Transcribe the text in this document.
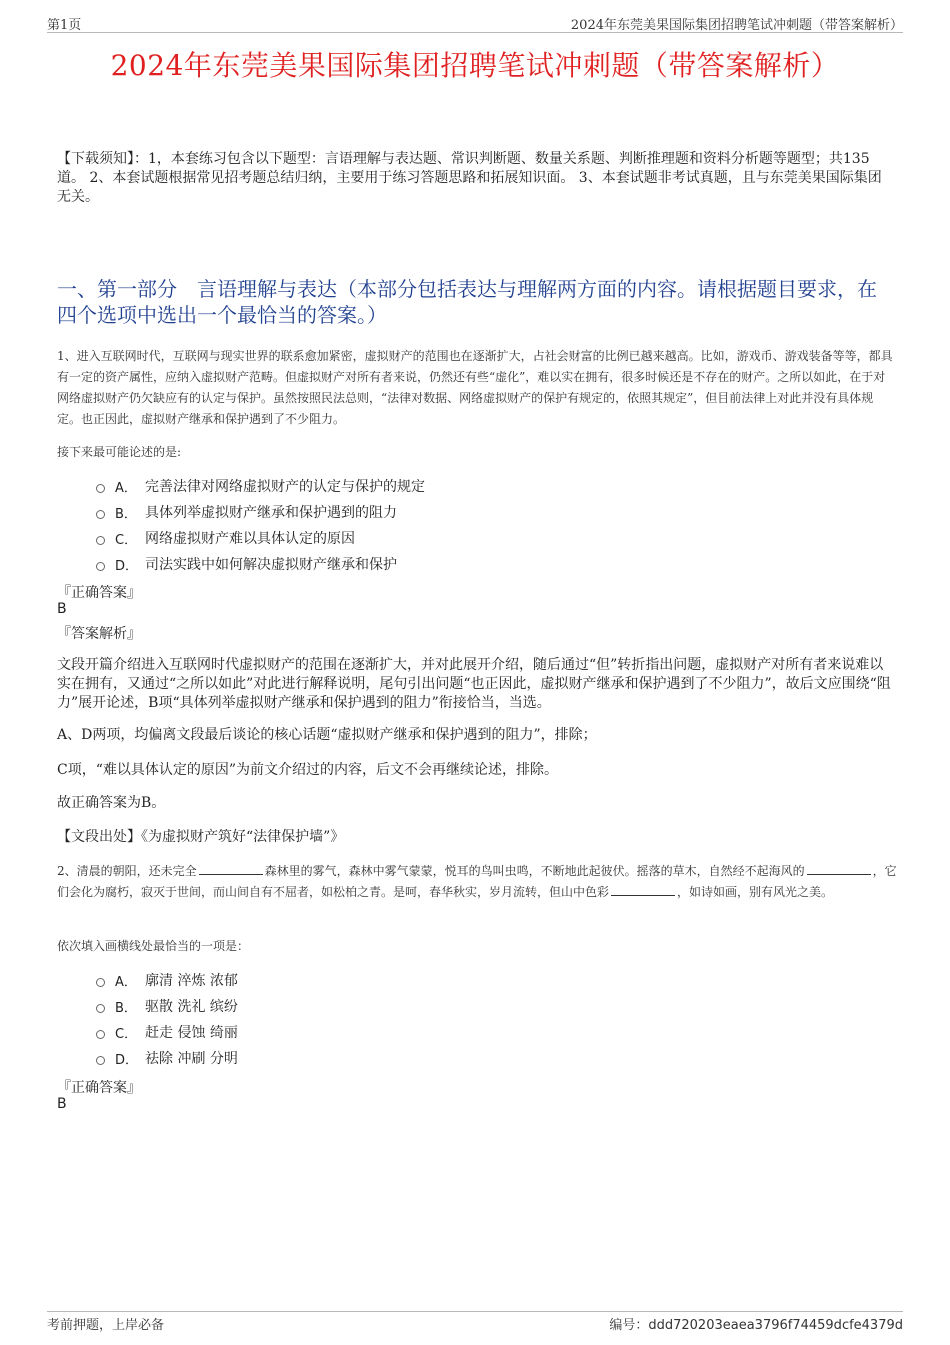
第1页	2024年东莞美果国际集团招聘笔试冲刺题（带答案解析）
2024年东莞美果国际集团招聘笔试冲刺题（带答案解析）
【下载须知】：1，本套练习包含以下题型：言语理解与表达题、常识判断题、数量关系题、判断推理题和资料分析题等题型；共135道。 2、本套试题根据常见招考题总结归纳，主要用于练习答题思路和拓展知识面。 3、本套试题非考试真题，且与东莞美果国际集团无关。
一、第一部分　言语理解与表达（本部分包括表达与理解两方面的内容。请根据题目要求，在四个选项中选出一个最恰当的答案。）
1、进入互联网时代，互联网与现实世界的联系愈加紧密，虚拟财产的范围也在逐渐扩大，占社会财富的比例已越来越高。比如，游戏币、游戏装备等等，都具有一定的资产属性，应纳入虚拟财产范畴。但虚拟财产对所有者来说，仍然还有些“虚化”，难以实在拥有，很多时候还是不存在的财产。之所以如此，在于对网络虚拟财产仍欠缺应有的认定与保护。虽然按照民法总则，“法律对数据、网络虚拟财产的保护有规定的，依照其规定”，但目前法律上对此并没有具体规定。也正因此，虚拟财产继承和保护遇到了不少阻力。
接下来最可能论述的是:
A． 完善法律对网络虚拟财产的认定与保护的规定
B． 具体列举虚拟财产继承和保护遇到的阻力
C． 网络虚拟财产难以具体认定的原因
D． 司法实践中如何解决虚拟财产继承和保护
『正确答案』
B
『答案解析』
文段开篇介绍进入互联网时代虚拟财产的范围在逐渐扩大，并对此展开介绍，随后通过“但”转折指出问题，虚拟财产对所有者来说难以实在拥有，又通过“之所以如此”对此进行解释说明，尾句引出问题“也正因此，虚拟财产继承和保护遇到了不少阻力”，故后文应围绕“阻力”展开论述，B项“具体列举虚拟财产继承和保护遇到的阻力”衔接恰当，当选。
A、D两项，均偏离文段最后谈论的核心话题“虚拟财产继承和保护遇到的阻力”，排除；
C项，“难以具体认定的原因”为前文介绍过的内容，后文不会再继续论述，排除。
故正确答案为B。
【文段出处】《为虚拟财产筑好“法律保护墙”》
2、清晨的朝阳，还未完全	森林里的雾气，森林中雾气蒙蒙，悦耳的鸟叫虫鸣，不断地此起彼伏。摇落的草木，自然经不起海风的	，它们会化为腐朽，寂灭于世间，而山间自有不屈者，如松柏之青。是呵，春华秋实，岁月流转，但山中色彩	，如诗如画，别有风光之美。
依次填入画横线处最恰当的一项是：
A． 廓清 淬炼 浓郁
B． 驱散 洗礼 缤纷
C． 赶走 侵蚀 绮丽
D． 祛除 冲刷 分明
『正确答案』
B
考前押题，上岸必备	编号：ddd720203eaea3796f74459dcfe4379d
